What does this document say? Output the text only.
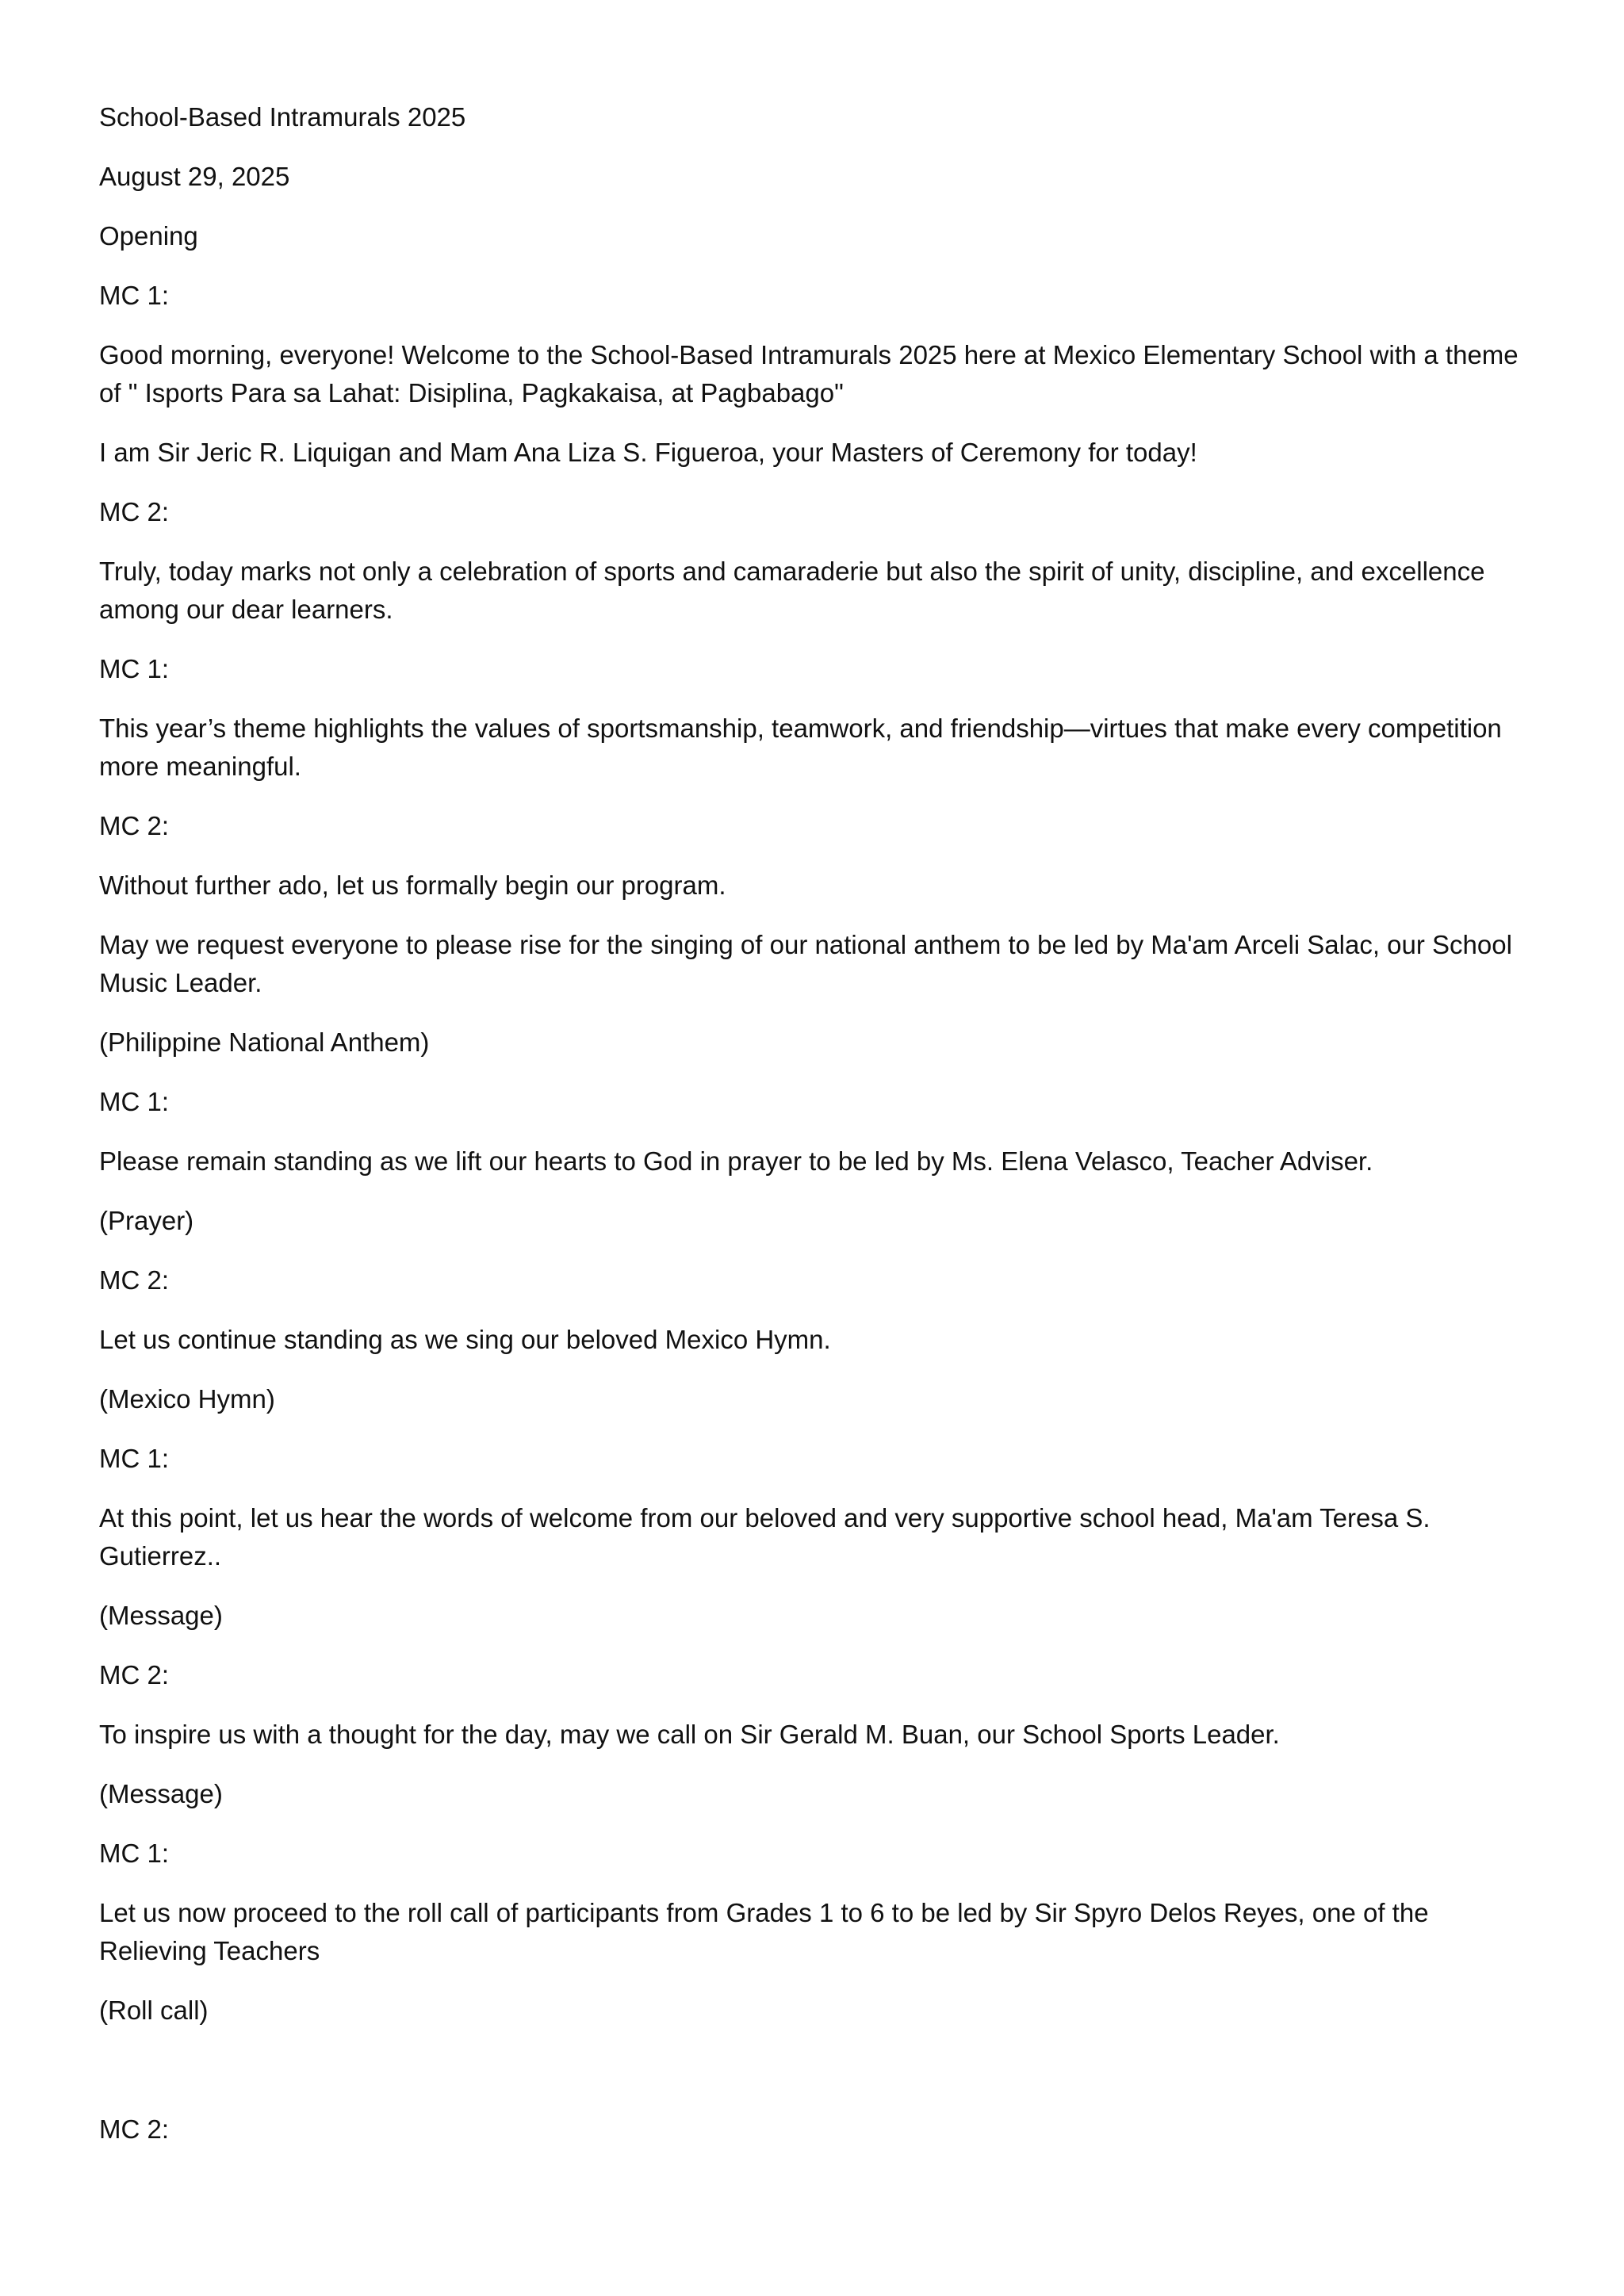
School-Based Intramurals 2025

August 29, 2025

Opening

MC 1:

Good morning, everyone! Welcome to the School-Based Intramurals 2025 here at Mexico Elementary School with a theme of " Isports Para sa Lahat: Disiplina, Pagkakaisa, at Pagbabago"

I am Sir Jeric R. Liquigan and Mam Ana Liza S. Figueroa, your Masters of Ceremony for today!

MC 2:

Truly, today marks not only a celebration of sports and camaraderie but also the spirit of unity, discipline, and excellence among our dear learners.

MC 1:

This year’s theme highlights the values of sportsmanship, teamwork, and friendship—virtues that make every competition more meaningful.

MC 2:

Without further ado, let us formally begin our program.

May we request everyone to please rise for the singing of our national anthem to be led by Ma'am Arceli Salac, our School Music Leader.

(Philippine National Anthem)

MC 1:

Please remain standing as we lift our hearts to God in prayer to be led by Ms. Elena Velasco, Teacher Adviser.

(Prayer)

MC 2:

Let us continue standing as we sing our beloved Mexico Hymn.

(Mexico Hymn)

MC 1:

At this point, let us hear the words of welcome from our beloved and very supportive school head, Ma'am Teresa S. Gutierrez..

(Message)

MC 2:

To inspire us with a thought for the day, may we call on Sir Gerald M. Buan, our School Sports Leader.

(Message)

MC 1:

Let us now proceed to the roll call of participants from Grades 1 to 6 to be led by Sir Spyro Delos Reyes, one of the Relieving Teachers

(Roll call)

MC 2:
